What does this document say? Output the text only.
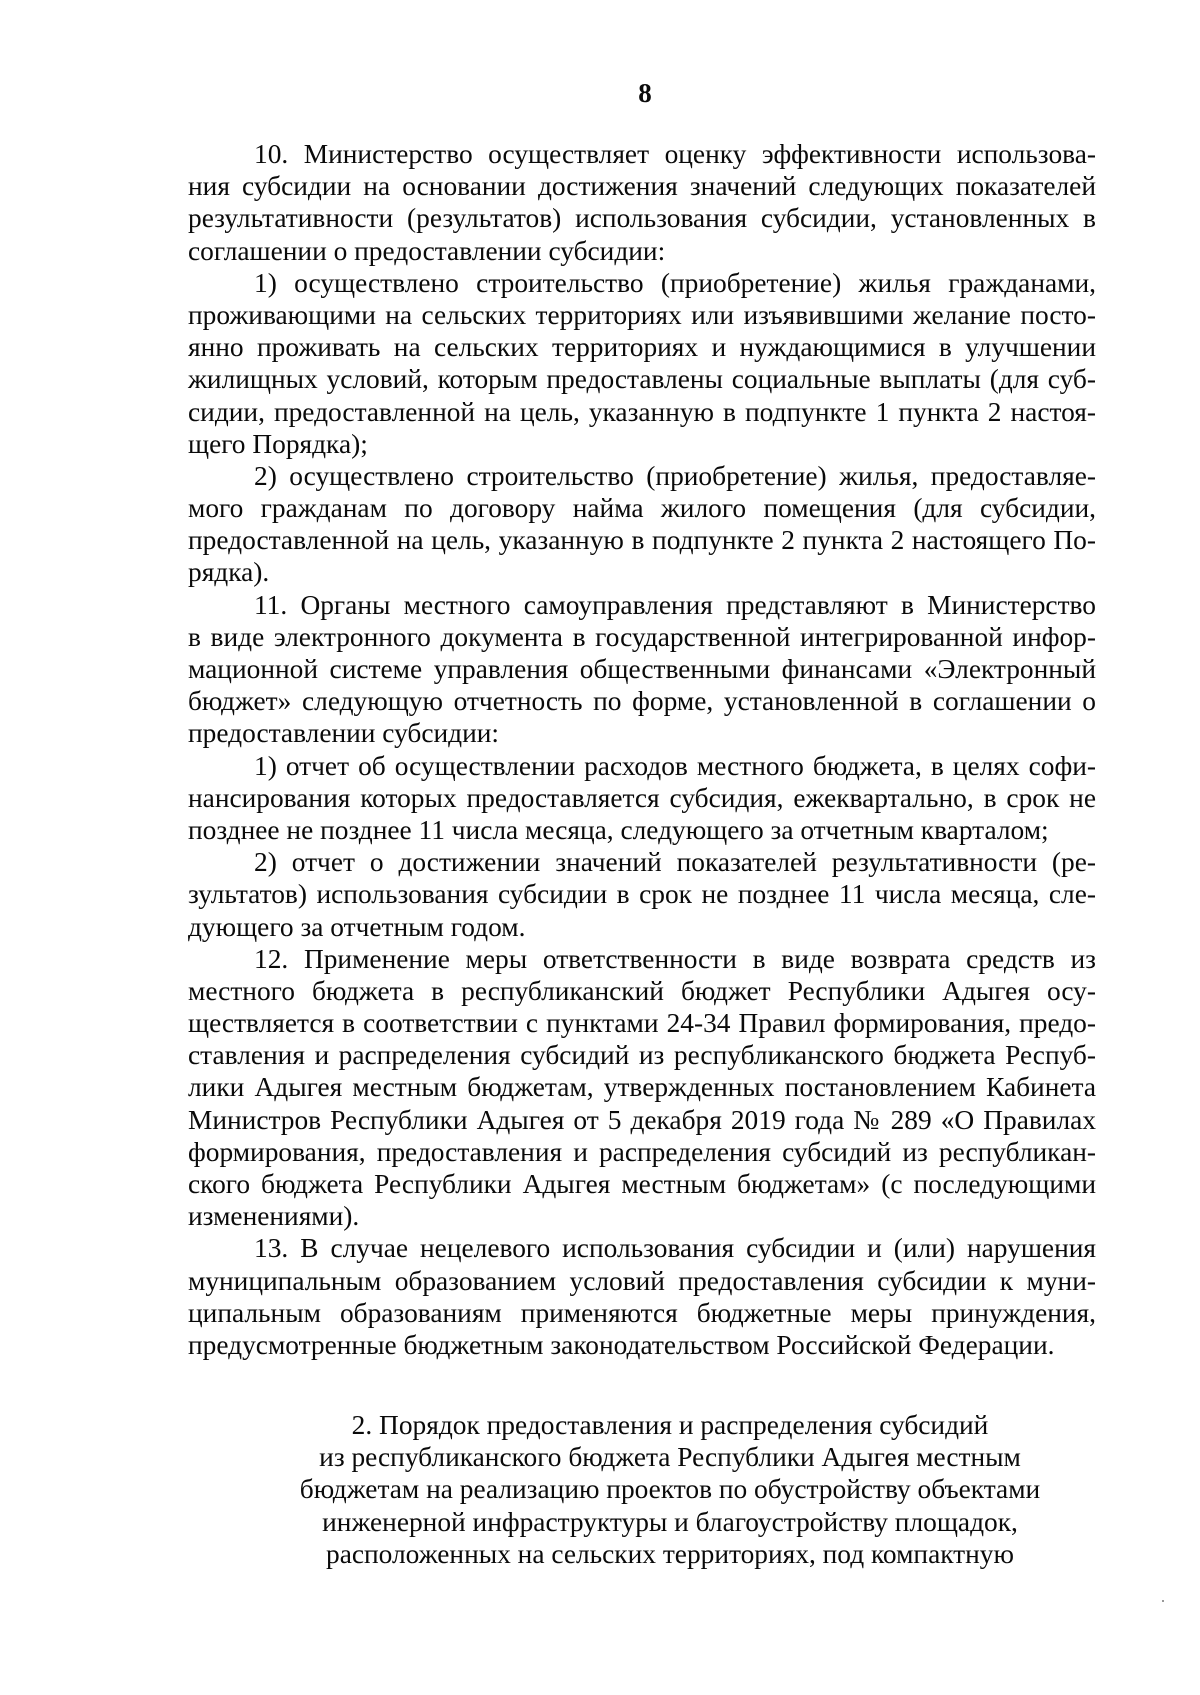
8
10. Министерство осуществляет оценку эффективности использова-
ния субсидии на основании достижения значений следующих показателей
результативности (результатов) использования субсидии, установленных в
соглашении о предоставлении субсидии:
1) осуществлено строительство (приобретение) жилья гражданами,
проживающими на сельских территориях или изъявившими желание посто-
янно проживать на сельских территориях и нуждающимися в улучшении
жилищных условий, которым предоставлены социальные выплаты (для суб-
сидии, предоставленной на цель, указанную в подпункте 1 пункта 2 настоя-
щего Порядка);
2) осуществлено строительство (приобретение) жилья, предоставляе-
мого гражданам по договору найма жилого помещения (для субсидии,
предоставленной на цель, указанную в подпункте 2 пункта 2 настоящего По-
рядка).
11. Органы местного самоуправления представляют в Министерство
в виде электронного документа в государственной интегрированной инфор-
мационной системе управления общественными финансами «Электронный
бюджет» следующую отчетность по форме, установленной в соглашении о
предоставлении субсидии:
1) отчет об осуществлении расходов местного бюджета, в целях софи-
нансирования которых предоставляется субсидия, ежеквартально, в срок не
позднее не позднее 11 числа месяца, следующего за отчетным кварталом;
2) отчет о достижении значений показателей результативности (ре-
зультатов) использования субсидии в срок не позднее 11 числа месяца, сле-
дующего за отчетным годом.
12. Применение меры ответственности в виде возврата средств из
местного бюджета в республиканский бюджет Республики Адыгея осу-
ществляется в соответствии с пунктами 24-34 Правил формирования, предо-
ставления и распределения субсидий из республиканского бюджета Респуб-
лики Адыгея местным бюджетам, утвержденных постановлением Кабинета
Министров Республики Адыгея от 5 декабря 2019 года № 289 «О Правилах
формирования, предоставления и распределения субсидий из республикан-
ского бюджета Республики Адыгея местным бюджетам» (с последующими
изменениями).
13. В случае нецелевого использования субсидии и (или) нарушения
муниципальным образованием условий предоставления субсидии к муни-
ципальным образованиям применяются бюджетные меры принуждения,
предусмотренные бюджетным законодательством Российской Федерации.
2. Порядок предоставления и распределения субсидий
из республиканского бюджета Республики Адыгея местным
бюджетам на реализацию проектов по обустройству объектами
инженерной инфраструктуры и благоустройству площадок,
расположенных на сельских территориях, под компактную
